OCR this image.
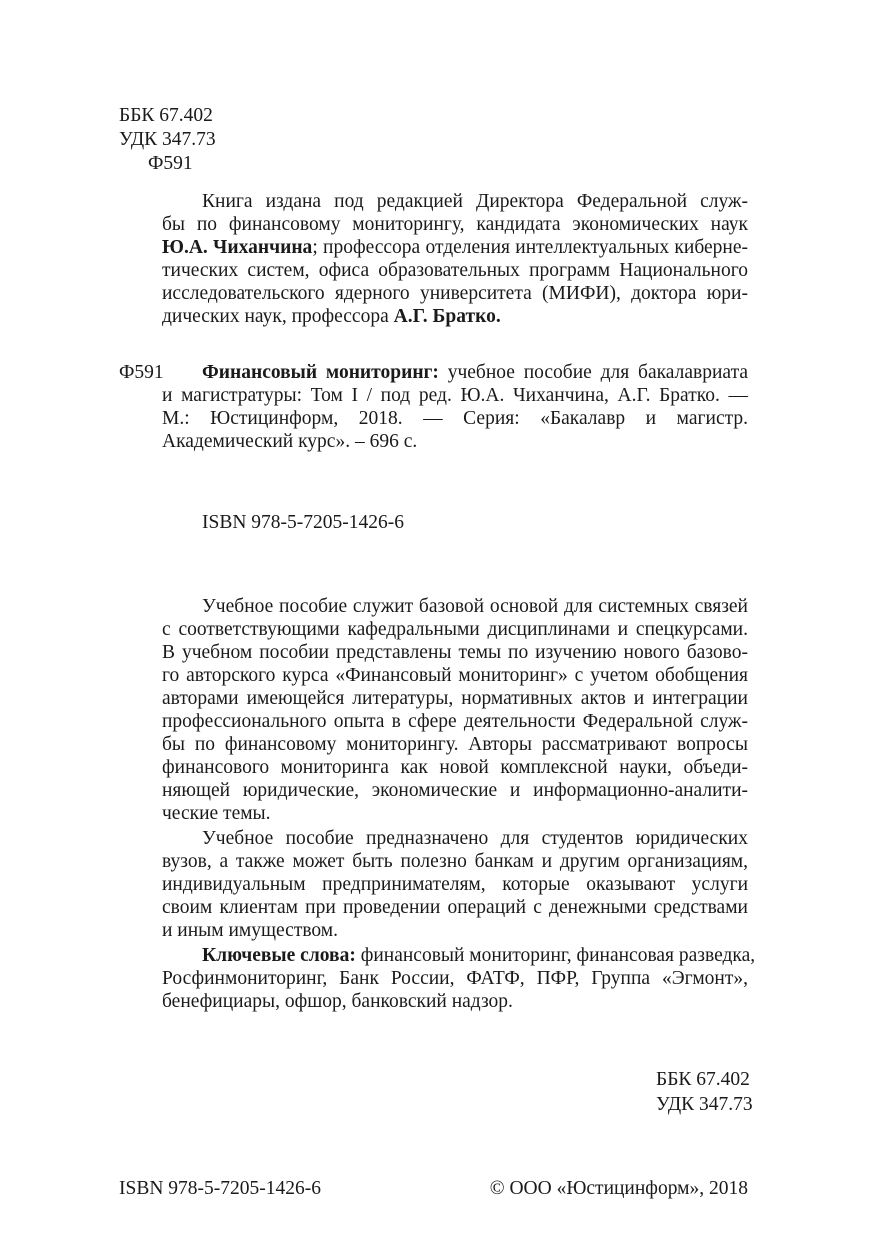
ББК 67.402
УДК 347.73
Ф591
Книга издана под редакцией Директора Федеральной служ-
бы по финансовому мониторингу, кандидата экономических наук
Ю.А. Чиханчина; профессора отделения интеллектуальных киберне-
тических систем, офиса образовательных программ Национального
исследовательского ядерного университета (МИФИ), доктора юри-
дических наук, профессора А.Г. Братко.
Ф591 Финансовый мониторинг: учебное пособие для бакалавриата
и магистратуры: Том I / под ред. Ю.А. Чиханчина, А.Г. Братко. —
М.: Юстицинформ, 2018. — Серия: «Бакалавр и магистр.
Академический курс». – 696 с.
ISBN 978-5-7205-1426-6
Учебное пособие служит базовой основой для системных связей
с соответствующими кафедральными дисциплинами и спецкурсами.
В учебном пособии представлены темы по изучению нового базово-
го авторского курса «Финансовый мониторинг» с учетом обобщения
авторами имеющейся литературы, нормативных актов и интеграции
профессионального опыта в сфере деятельности Федеральной служ-
бы по финансовому мониторингу. Авторы рассматривают вопросы
финансового мониторинга как новой комплексной науки, объеди-
няющей юридические, экономические и информационно-аналити-
ческие темы.
Учебное пособие предназначено для студентов юридических
вузов, а также может быть полезно банкам и другим организациям,
индивидуальным предпринимателям, которые оказывают услуги
своим клиентам при проведении операций с денежными средствами
и иным имуществом.
Ключевые слова: финансовый мониторинг, финансовая разведка,
Росфинмониторинг, Банк России, ФАТФ, ПФР, Группа «Эгмонт»,
бенефициары, офшор, банковский надзор.
ББК 67.402
УДК 347.73
ISBN 978-5-7205-1426-6	© ООО «Юстицинформ», 2018
